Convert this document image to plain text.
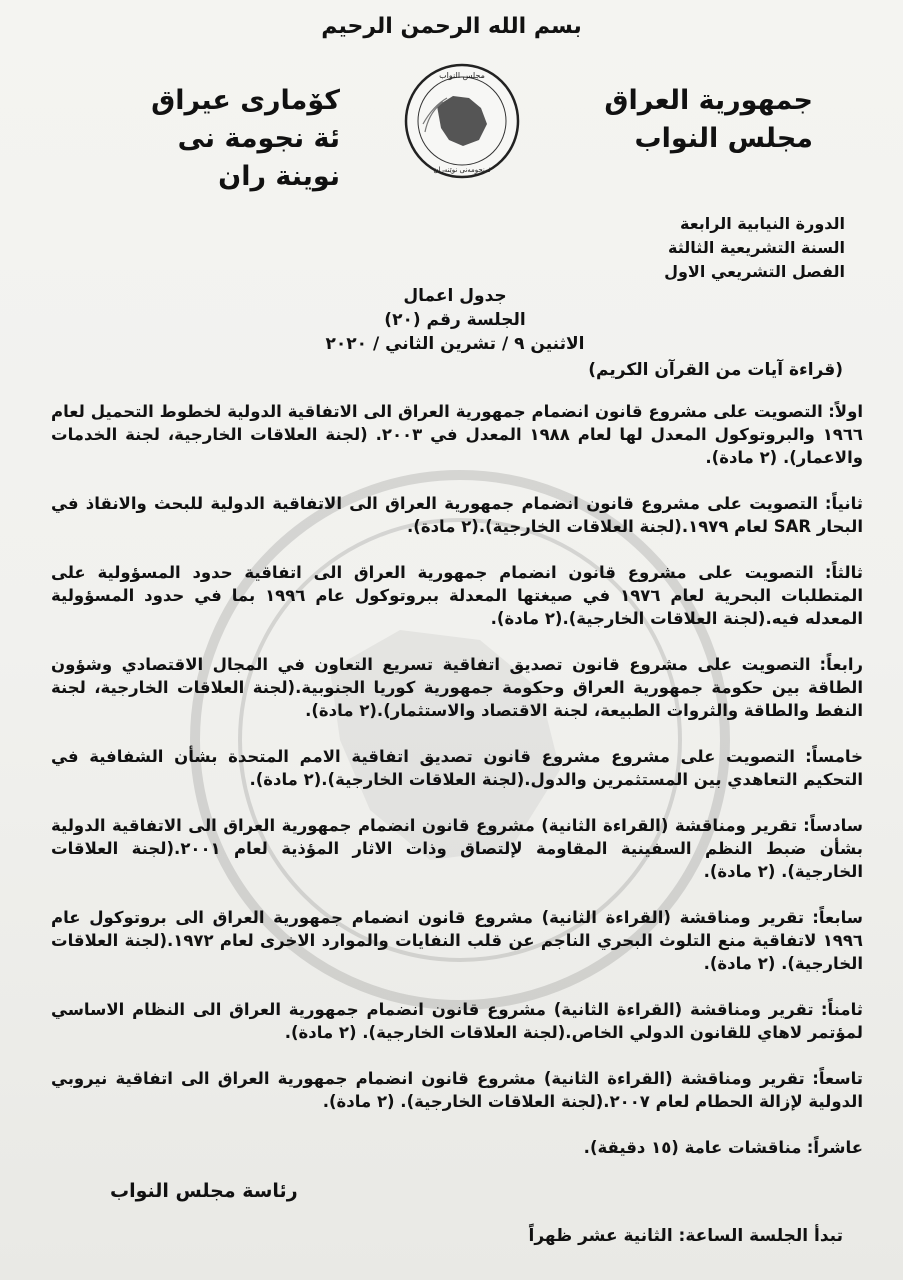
بسم الله الرحمن الرحيم
جمهورية العراق
مجلس النواب
كۆمارى عيراق
ئة نجومة نى نوينة ران
مجلس النواب
ئەنجومەنی نوێنەران
الدورة النيابية الرابعة
السنة التشريعية الثالثة
الفصل التشريعي الاول
جدول اعمال
الجلسة رقم (٢٠)
الاثنين ٩ / تشرين الثاني / ٢٠٢٠
(قراءة آيات من القرآن الكريم)
اولاً: التصويت على مشروع قانون انضمام جمهورية العراق الى الاتفاقية الدولية لخطوط التحميل لعام ١٩٦٦ والبروتوكول المعدل لها لعام ١٩٨٨ المعدل في ٢٠٠٣. (لجنة العلاقات الخارجية، لجنة الخدمات والاعمار). (٢ مادة).
ثانياً: التصويت على مشروع قانون انضمام جمهورية العراق الى الاتفاقية الدولية للبحث والانقاذ في البحار SAR لعام ١٩٧٩.(لجنة العلاقات الخارجية).(٢ مادة).
ثالثاً: التصويت على مشروع قانون انضمام جمهورية العراق الى اتفاقية حدود المسؤولية على المتطلبات البحرية لعام ١٩٧٦ في صيغتها المعدلة ببروتوكول عام ١٩٩٦ بما في حدود المسؤولية المعدله فيه.(لجنة العلاقات الخارجية).(٢ مادة).
رابعاً: التصويت على مشروع قانون تصديق اتفاقية تسريع التعاون في المجال الاقتصادي وشؤون الطاقة بين حكومة جمهورية العراق وحكومة جمهورية كوريا الجنوبية.(لجنة العلاقات الخارجية، لجنة النفط والطاقة والثروات الطبيعة، لجنة الاقتصاد والاستثمار).(٢ مادة).
خامساً: التصويت على مشروع مشروع قانون تصديق اتفاقية الامم المتحدة بشأن الشفافية في التحكيم التعاهدي بين المستثمرين والدول.(لجنة العلاقات الخارجية).(٢ مادة).
سادساً: تقرير ومناقشة (القراءة الثانية) مشروع قانون انضمام جمهورية العراق الى الاتفاقية الدولية بشأن ضبط النظم السفينية المقاومة لإلتصاق وذات الاثار المؤذية لعام ٢٠٠١.(لجنة العلاقات الخارجية). (٢ مادة).
سابعاً: تقرير ومناقشة (القراءة الثانية) مشروع قانون انضمام جمهورية العراق الى بروتوكول عام ١٩٩٦ لاتفاقية منع التلوث البحري الناجم عن قلب النفايات والموارد الاخرى لعام ١٩٧٢.(لجنة العلاقات الخارجية). (٢ مادة).
ثامناً: تقرير ومناقشة (القراءة الثانية) مشروع قانون انضمام جمهورية العراق الى النظام الاساسي لمؤتمر لاهاي للقانون الدولي الخاص.(لجنة العلاقات الخارجية). (٢ مادة).
تاسعاً: تقرير ومناقشة (القراءة الثانية) مشروع قانون انضمام جمهورية العراق الى اتفاقية نيروبي الدولية لإزالة الحطام لعام ٢٠٠٧.(لجنة العلاقات الخارجية). (٢ مادة).
عاشراً: مناقشات عامة (١٥ دقيقة).
رئاسة مجلس النواب
تبدأ الجلسة الساعة: الثانية عشر ظهراً
